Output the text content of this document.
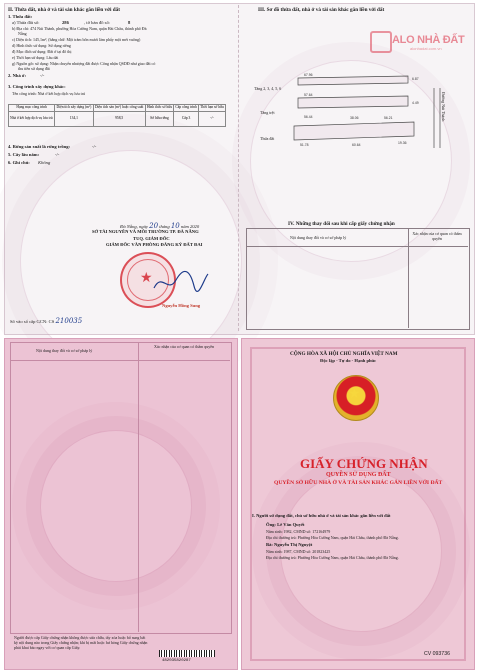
II. Thửa đất, nhà ở và tài sản khác gắn liền với đất
1. Thửa đất:
a) Thửa đất số:	286	, tờ bản đồ số:	8
b) Địa chỉ: 474 Núi Thành, phường Hòa Cường Nam, quận Hải Châu, thành phố Đà
Nẵng
c) Diện tích: 145,1m², (bằng chữ: Một trăm bốn mươi lăm phẩy một mét vuông)
d) Hình thức sử dụng: Sử dụng riêng
đ) Mục đích sử dụng: Đất ở tại đô thị
e) Thời hạn sử dụng: Lâu dài
g) Nguồn gốc sử dụng: Nhận chuyển nhượng đất được Công nhận QSDĐ như giao đất có
thu tiền sử dụng đất
2. Nhà ở:	-/-
3. Công trình xây dựng khác:
Tên công trình: Nhà ở kết hợp dịch vụ lưu trú
Hạng mục công trình	Diện tích xây dựng (m²)	Diện tích sàn (m²) hoặc công suất	Hình thức sở hữu	Cấp công trình	Thời hạn sở hữu
Nhà ở kết hợp dịch vụ lưu trú	134,1	958,5	Sở hữu riêng	Cấp 3	-/-
4. Rừng sản xuất là rừng trồng:	-/-
5. Cây lâu năm:	-/-
6. Ghi chú: Không
Đà Nẵng, ngày 20 tháng 10 năm 2020
SỞ TÀI NGUYÊN VÀ MÔI TRƯỜNG TP. ĐÀ NẴNG
TUQ. GIÁM ĐỐC
GIÁM ĐỐC VĂN PHÒNG ĐĂNG KÝ ĐẤT ĐAI
★
Nguyễn Hồng Sung
Số vào sổ cấp GCN: CS 210035
III. Sơ đồ thửa đất, nhà ở và tài sản khác gắn liền với đất
ALO NHÀ ĐẤT
alonhadat.com.vn
67.96
57.64
56.44	38.06	56.21
51.78	19.36
60.64
6.87
4.49
Tầng 2, 3, 4, 5, 6
Tầng trệt
Thửa đất
Đường Núi Thành
IV. Những thay đổi sau khi cấp giấy chứng nhận
Nội dung thay đổi và cơ sở pháp lý
Xác nhận của cơ quan có thẩm quyền
Nội dung thay đổi và cơ sở pháp lý
Xác nhận của cơ quan có thẩm quyền
Người được cấp Giấy chứng nhận không được sửa chữa, tẩy xóa hoặc bổ sung bất
kỳ nội dung nào trong Giấy chứng nhận; khi bị mất hoặc hư hỏng Giấy chứng nhận
phải khai báo ngay với cơ quan cấp Giấy.
482035820287
CỘNG HÒA XÃ HỘI CHỦ NGHĨA VIỆT NAM
Độc lập - Tự do - Hạnh phúc
★
GIẤY CHỨNG NHẬN
QUYỀN SỬ DỤNG ĐẤT
QUYỀN SỞ HỮU NHÀ Ở VÀ TÀI SẢN KHÁC GẮN LIỀN VỚI ĐẤT
I. Người sử dụng đất, chủ sở hữu nhà ở và tài sản khác gắn liền với đất
Ông: Lê Văn Quyết
Năm sinh: 1982, CMND số: 172164979
Địa chỉ thường trú: Phường Hòa Cường Nam, quận Hải Châu, thành phố Đà Nẵng.
Bà: Nguyễn Thị Nguyệt
Năm sinh: 1987, CMND số: 201823425
Địa chỉ thường trú: Phường Hòa Cường Nam, quận Hải Châu, thành phố Đà Nẵng.
CV 093736
